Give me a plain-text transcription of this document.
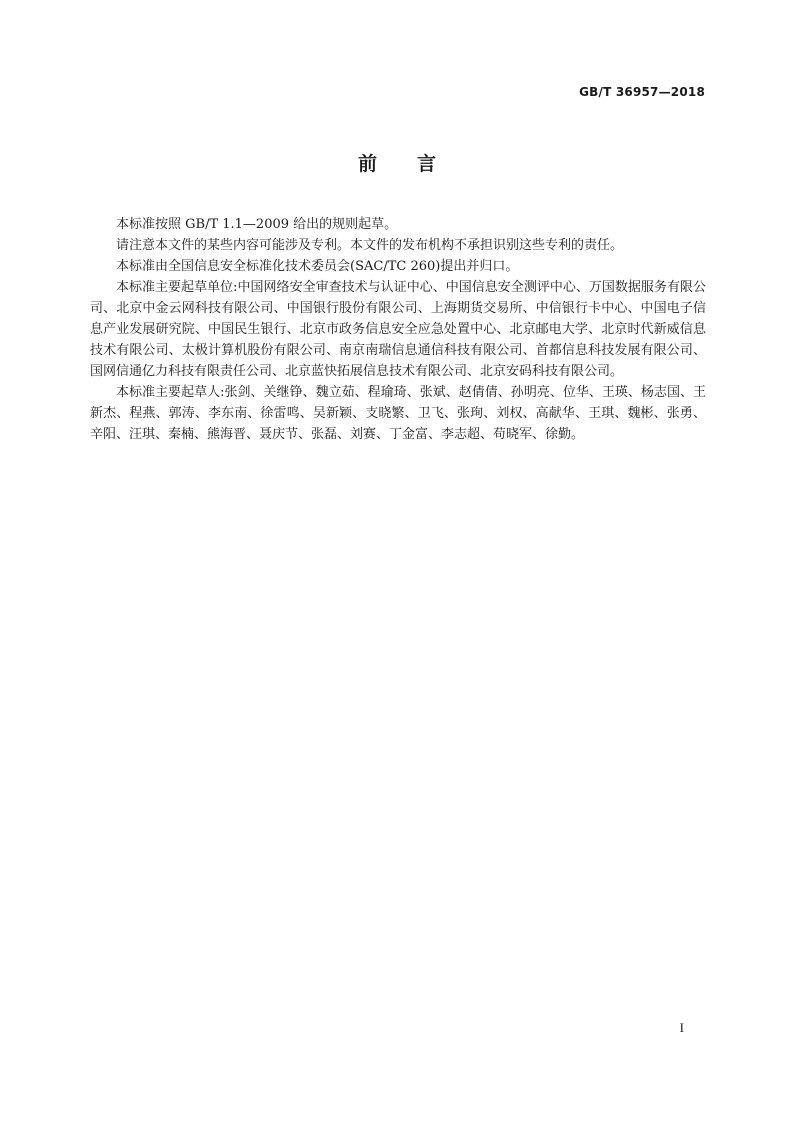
GB/T 36957—2018
前言

本标准按照 GB/T 1.1—2009 给出的规则起草。

请注意本文件的某些内容可能涉及专利。本文件的发布机构不承担识别这些专利的责任。

本标准由全国信息安全标准化技术委员会(SAC/TC 260)提出并归口。

本标准主要起草单位:中国网络安全审查技术与认证中心、中国信息安全测评中心、万国数据服务有限公司、北京中金云网科技有限公司、中国银行股份有限公司、上海期货交易所、中信银行卡中心、中国电子信息产业发展研究院、中国民生银行、北京市政务信息安全应急处置中心、北京邮电大学、北京时代新威信息技术有限公司、太极计算机股份有限公司、南京南瑞信息通信科技有限公司、首都信息科技发展有限公司、国网信通亿力科技有限责任公司、北京蓝快拓展信息技术有限公司、北京安码科技有限公司。

本标准主要起草人:张剑、关继铮、魏立茹、程瑜琦、张斌、赵倩倩、孙明亮、位华、王瑛、杨志国、王新杰、程燕、郭涛、李东南、徐雷鸣、吴新颖、支晓繁、卫飞、张珣、刘权、高献华、王琪、魏彬、张勇、辛阳、汪琪、秦楠、熊海晋、聂庆节、张磊、刘赛、丁金富、李志超、苟晓军、徐勤。

I
